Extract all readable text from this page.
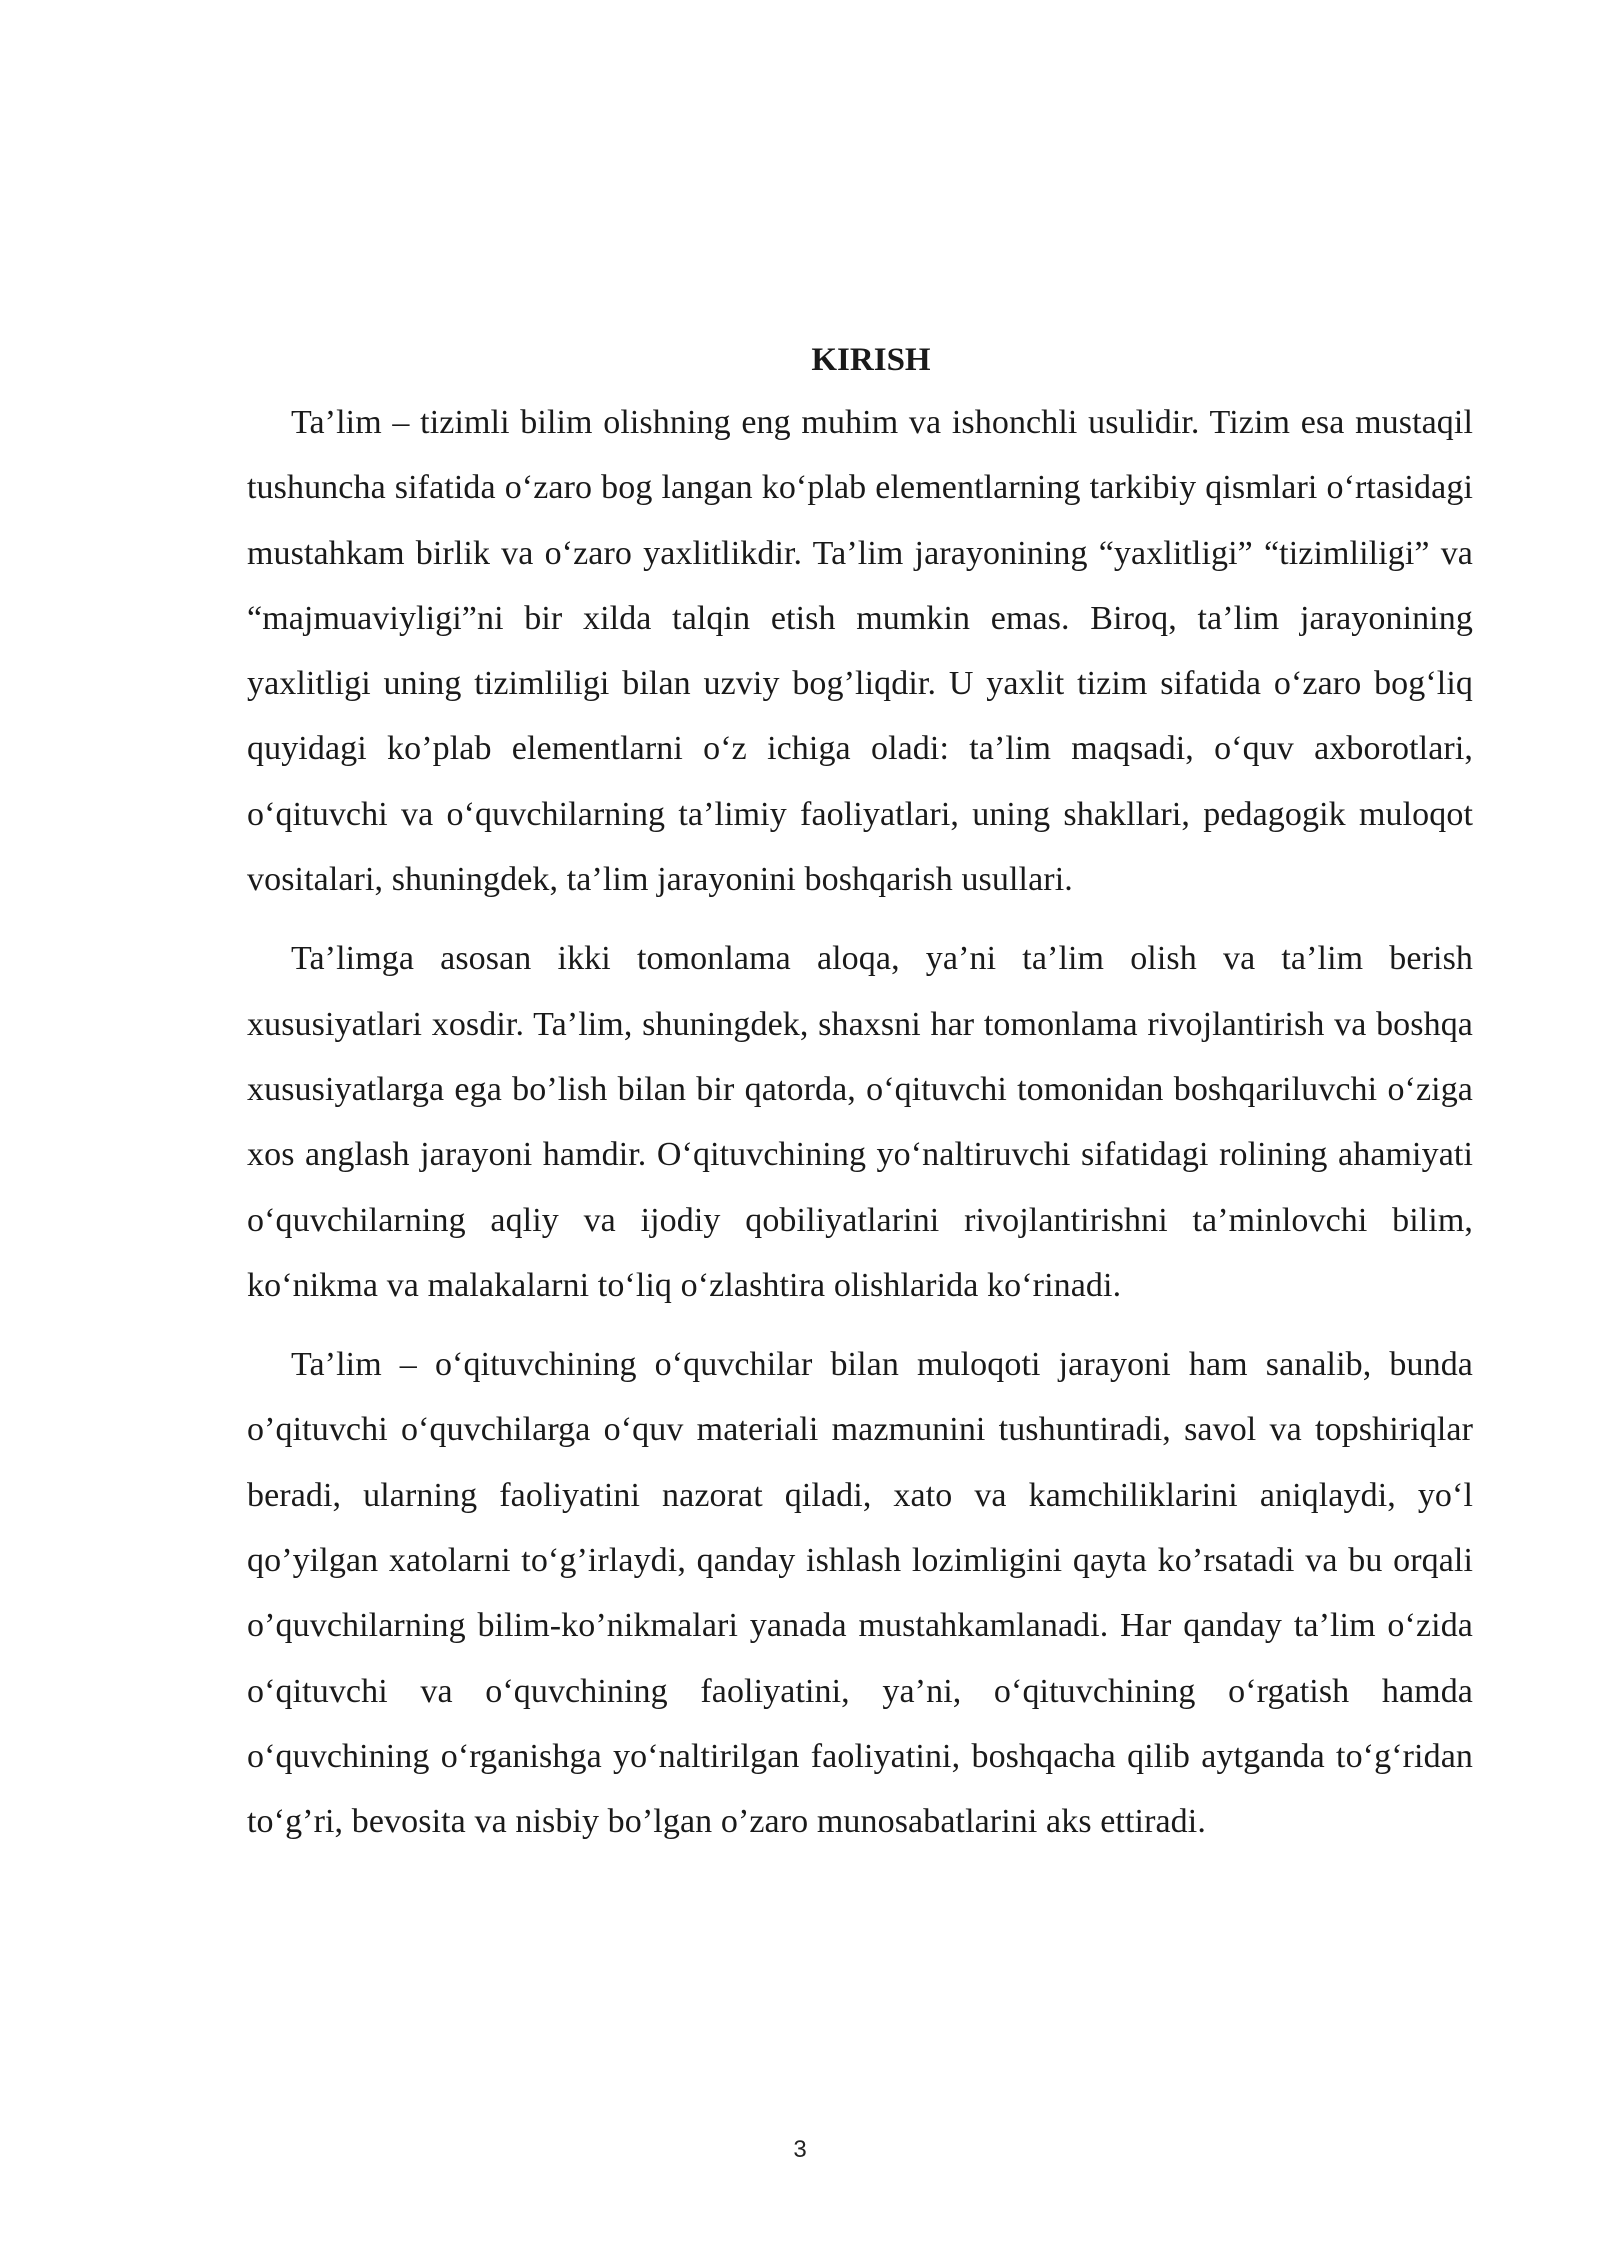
KIRISH

Ta’lim – tizimli bilim olishning eng muhim va ishonchli usulidir. Tizim esa mustaqil tushuncha sifatida o‘zaro bog langan ko‘plab elementlarning tarkibiy qismlari o‘rtasidagi mustahkam birlik va o‘zaro yaxlitlikdir. Ta’lim jarayonining “yaxlitligi” “tizimliligi” va “majmuaviyligi”ni bir xilda talqin etish mumkin emas. Biroq, ta’lim jarayonining yaxlitligi uning tizimliligi bilan uzviy bog’liqdir. U yaxlit tizim sifatida o‘zaro bog‘liq quyidagi ko’plab elementlarni o‘z ichiga oladi: ta’lim maqsadi, o‘quv axborotlari, o‘qituvchi va o‘quvchilarning ta’limiy faoliyatlari, uning shakllari, pedagogik muloqot vositalari, shuningdek, ta’lim jarayonini boshqarish usullari.

Ta’limga asosan ikki tomonlama aloqa, ya’ni ta’lim olish va ta’lim berish xususiyatlari xosdir. Ta’lim, shuningdek, shaxsni har tomonlama rivojlantirish va boshqa xususiyatlarga ega bo’lish bilan bir qatorda, o‘qituvchi tomonidan boshqariluvchi o‘ziga xos anglash jarayoni hamdir. O‘qituvchining yo‘naltiruvchi sifatidagi rolining ahamiyati o‘quvchilarning aqliy va ijodiy qobiliyatlarini rivojlantirishni ta’minlovchi bilim, ko‘nikma va malakalarni to‘liq o‘zlashtira olishlarida ko‘rinadi.

Ta’lim – o‘qituvchining o‘quvchilar bilan muloqoti jarayoni ham sanalib, bunda o’qituvchi o‘quvchilarga o‘quv materiali mazmunini tushuntiradi, savol va topshiriqlar beradi, ularning faoliyatini nazorat qiladi, xato va kamchiliklarini aniqlaydi, yo‘l qo’yilgan xatolarni to‘g’irlaydi, qanday ishlash lozimligini qayta ko’rsatadi va bu orqali o’quvchilarning bilim-ko’nikmalari yanada mustahkamlanadi. Har qanday ta’lim o‘zida o‘qituvchi va o‘quvchining faoliyatini, ya’ni, o‘qituvchining o‘rgatish hamda o‘quvchining o‘rganishga yo‘naltirilgan faoliyatini, boshqacha qilib aytganda to‘g‘ridan to‘g’ri, bevosita va nisbiy bo’lgan o’zaro munosabatlarini aks ettiradi.

3
